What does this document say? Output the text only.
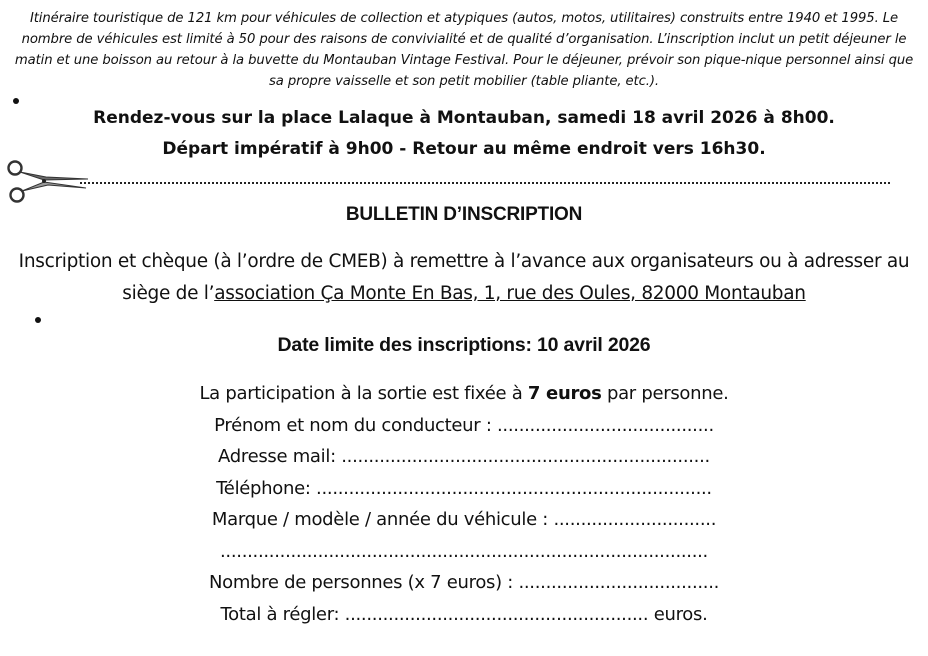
Itinéraire touristique de 121 km pour véhicules de collection et atypiques (autos, motos, utilitaires) construits entre 1940 et 1995. Le nombre de véhicules est limité à 50 pour des raisons de convivialité et de qualité d’organisation. L’inscription inclut un petit déjeuner le matin et une boisson au retour à la buvette du Montauban Vintage Festival. Pour le déjeuner, prévoir son pique-nique personnel ainsi que sa propre vaisselle et son petit mobilier (table pliante, etc.).

Rendez-vous sur la place Lalaque à Montauban, samedi 18 avril 2026 à 8h00.
Départ impératif à 9h00 - Retour au même endroit vers 16h30.
BULLETIN D’INSCRIPTION
Inscription et chèque (à l’ordre de CMEB) à remettre à l’avance aux organisateurs ou à adresser au siège de l’association Ça Monte En Bas, 1, rue des Oules, 82000 Montauban
Date limite des inscriptions: 10 avril 2026
La participation à la sortie est fixée à 7 euros par personne.
Prénom et nom du conducteur : ........................................
Adresse mail: ....................................................................
Téléphone: .........................................................................
Marque / modèle / année du véhicule : ..............................
..........................................................................................
Nombre de personnes (x 7 euros) : .....................................
Total à régler: ........................................................ euros.
